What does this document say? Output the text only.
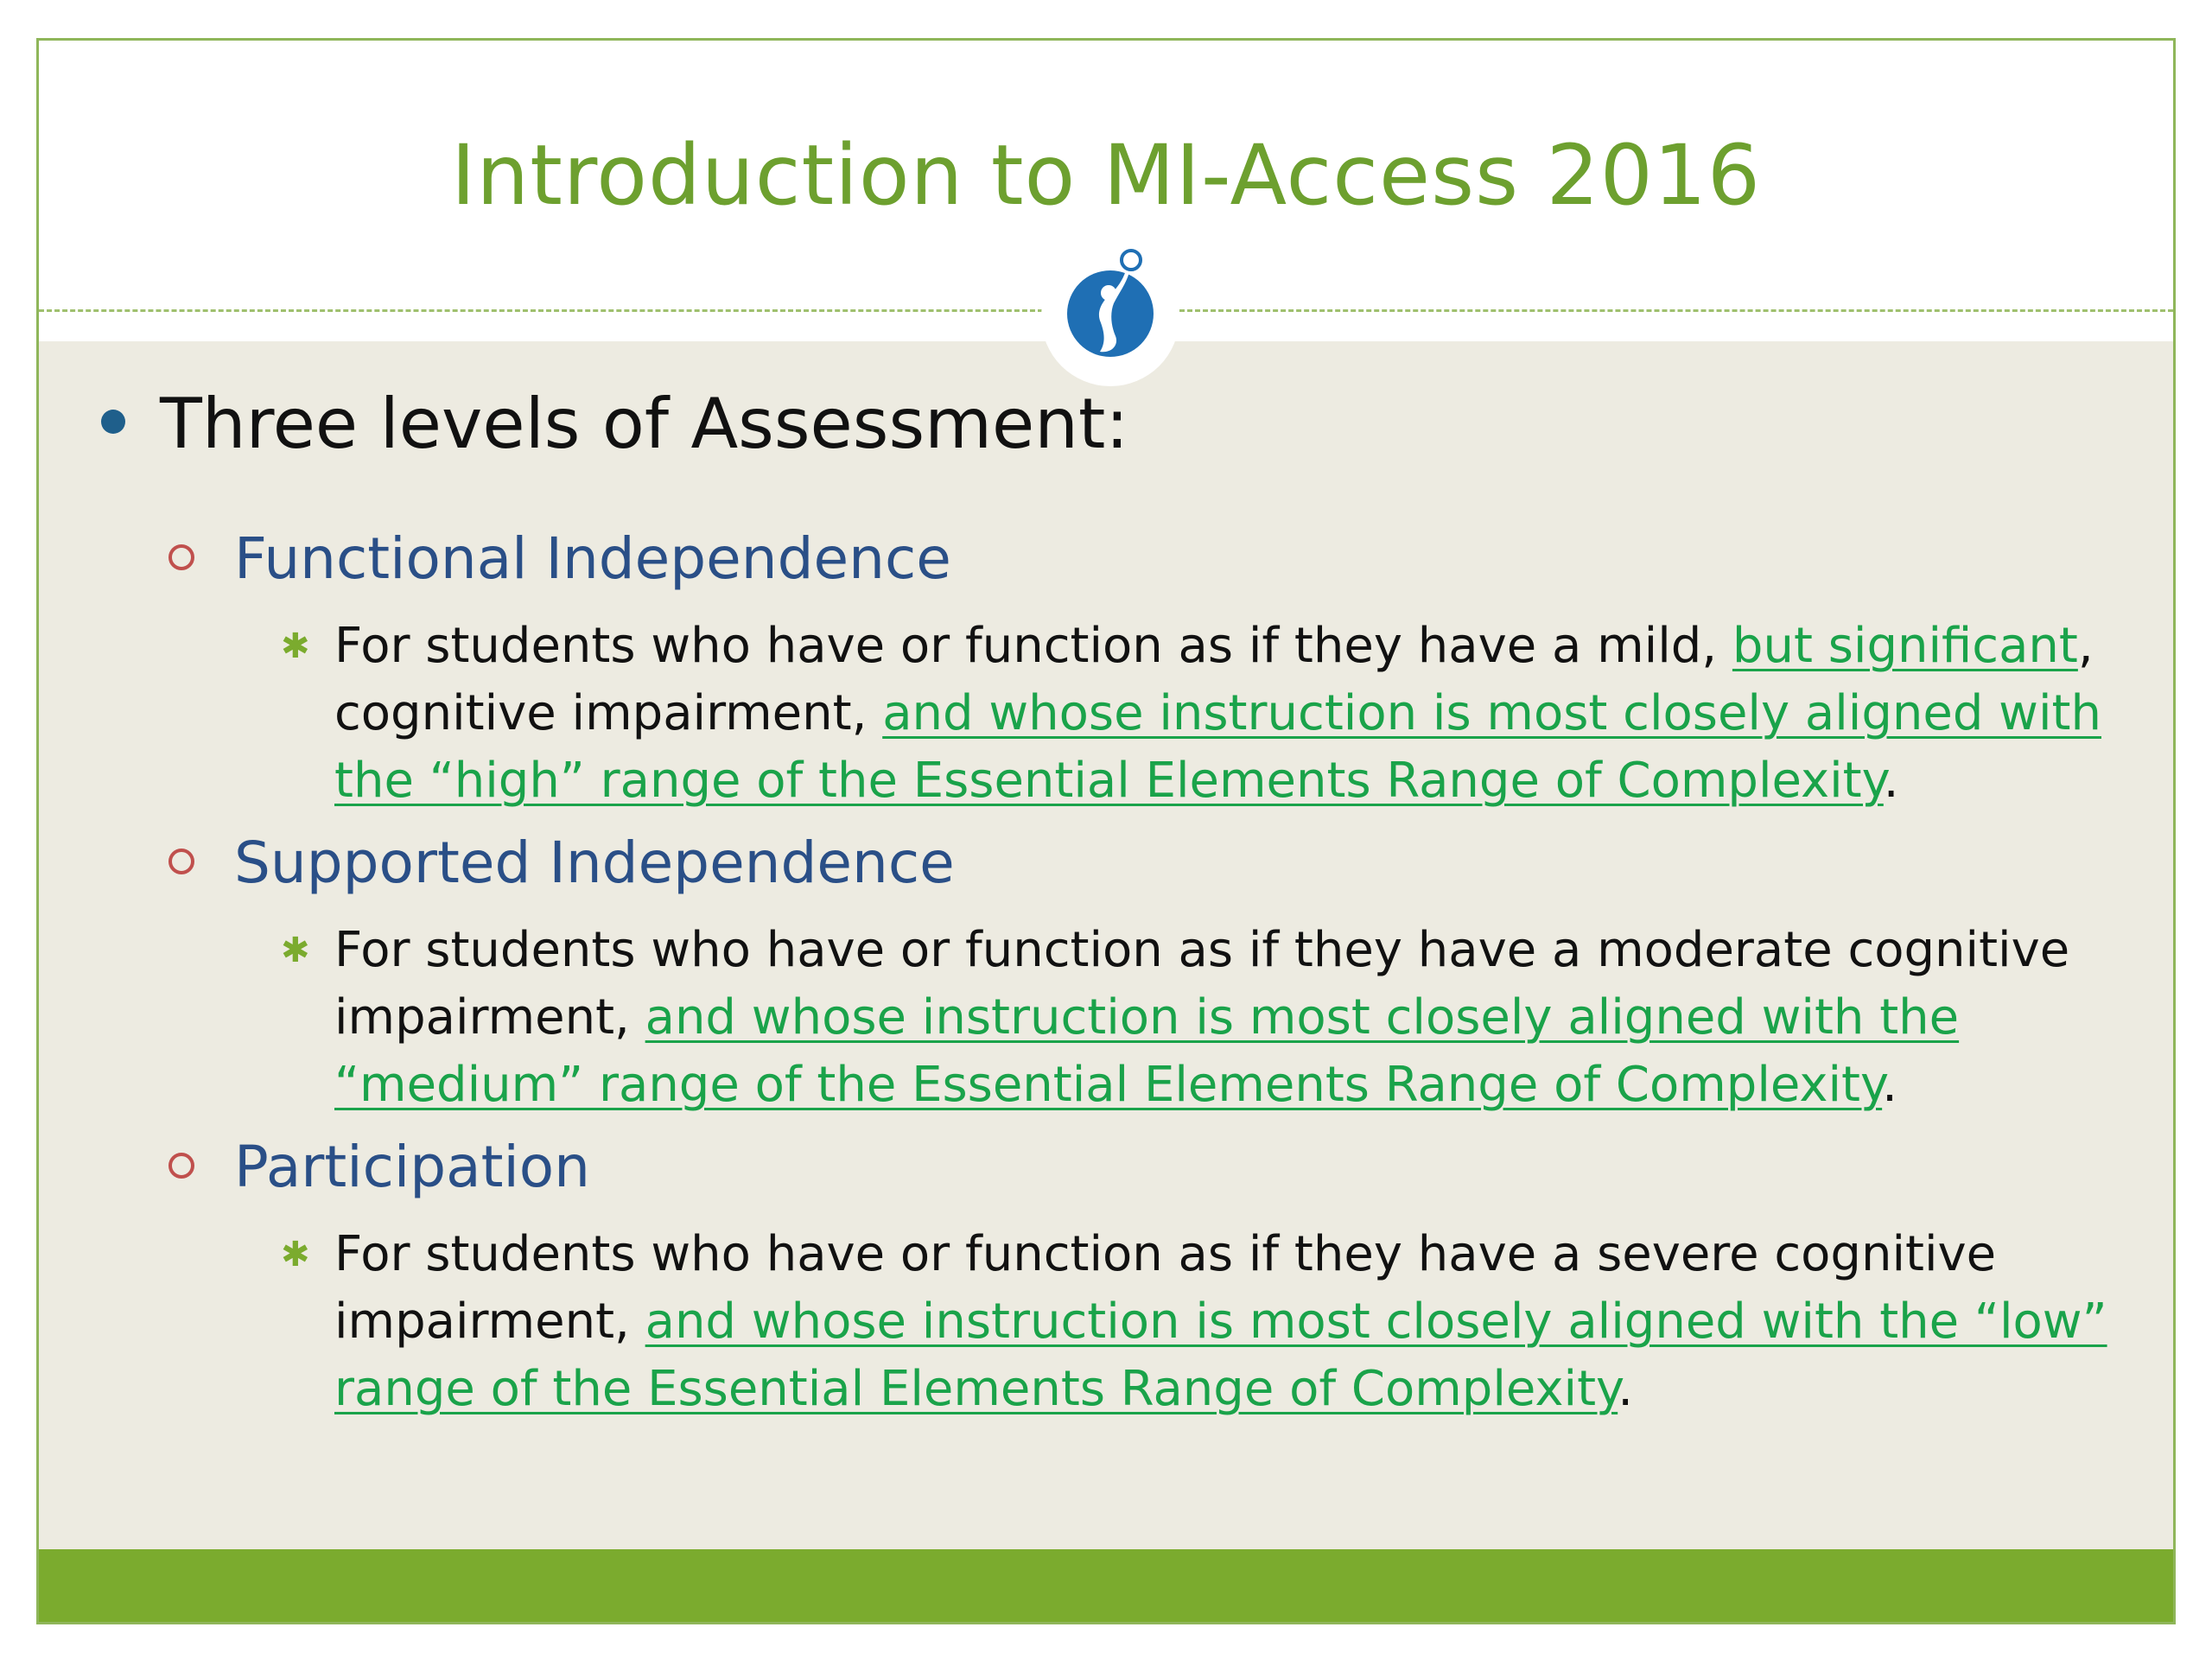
Introduction to MI-Access 2016
Three levels of Assessment:
Functional Independence
✱ For students who have or function as if they have a mild, but significant, cognitive impairment, and whose instruction is most closely aligned with the “high” range of the Essential Elements Range of Complexity.
Supported Independence
✱ For students who have or function as if they have a moderate cognitive impairment, and whose instruction is most closely aligned with the “medium” range of the Essential Elements Range of Complexity.
Participation
✱ For students who have or function as if they have a severe cognitive impairment, and whose instruction is most closely aligned with the “low” range of the Essential Elements Range of Complexity.
